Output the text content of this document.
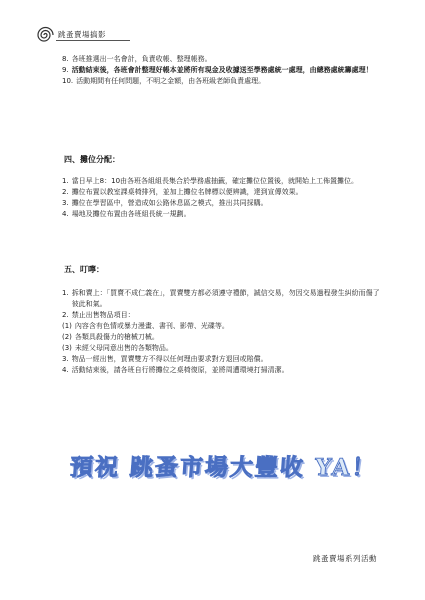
跳蚤賣場搞影
8. 各班推選出一名會計，負責收帳、整理帳務。
9. 活動結束後，各班會計整理好帳本並將所有現金及收據送至學務處統一處理，由總務處統籌處理！
10. 活動期間有任何問題，不明之金額，由各班級老師負責處理。
四、攤位分配：
1. 當日早上8：10由各班各組組長集合於學務處抽籤，確定攤位位置後，就開始上工佈置攤位。
2. 攤位布置以教室課桌椅排列，並加上攤位名牌標以便辨識，達到宣傳效果。
3. 攤位在學習區中，營造成如公路休息區之模式，推出共同採購。
4. 場地及攤位布置由各班組長統一規劃。
五、叮嚀：
1. 拆和賣上：「買賣不成仁義在」，買賣雙方都必須遵守禮節，誠信交易，勿因交易過程發生糾紛而傷了彼此和氣。
2. 禁止出售物品項目：
(1) 內容含有色情或暴力漫畫、書刊、影帶、光碟等。
(2) 各類具殺傷力的槍械刀械。
(3) 未經父母同意出售的各類物品。
3. 物品一經出售，買賣雙方不得以任何理由要求對方退回或賠償。
4. 活動結束後，請各班自行將攤位之桌椅復原，並將周遭環境打掃清潔。
預祝 跳蚤市場大豐收 YA！
跳蚤賣場系列活動
